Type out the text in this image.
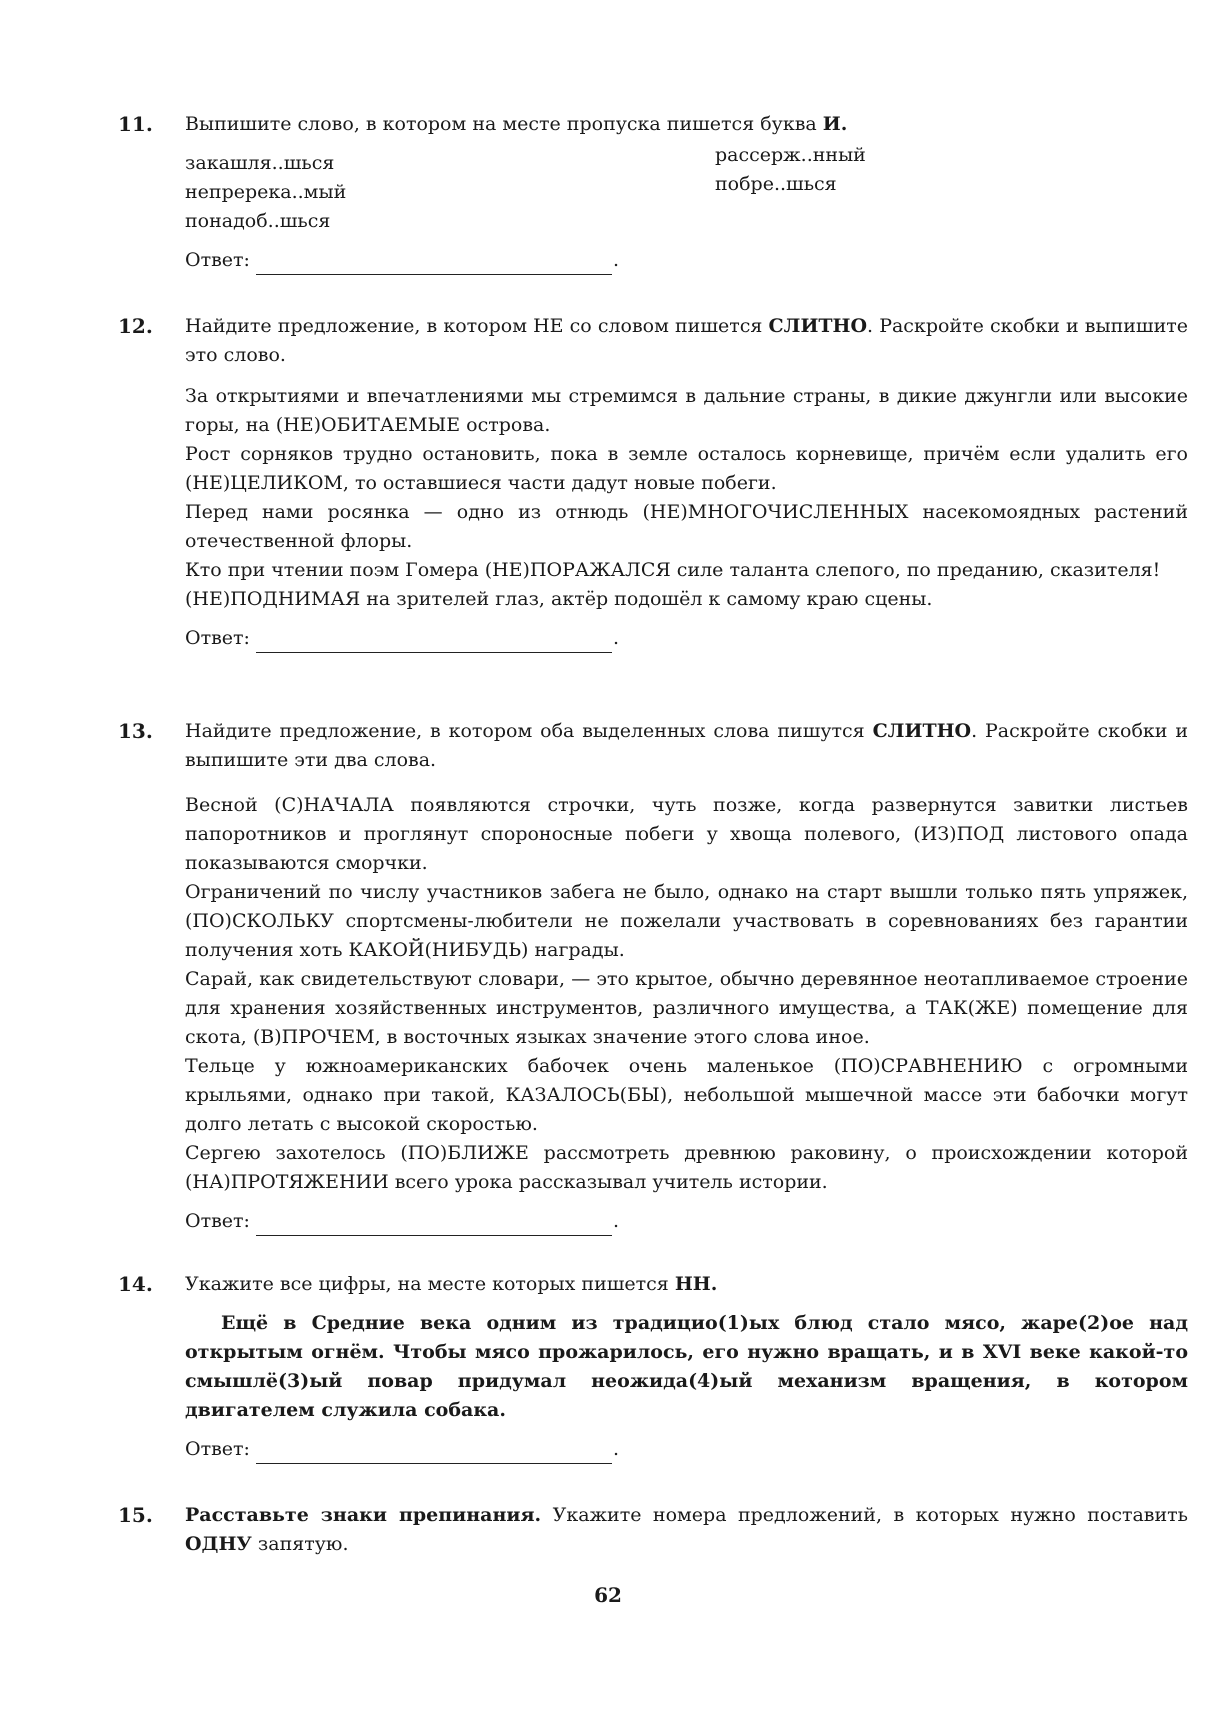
11. Выпишите слово, в котором на месте пропуска пишется буква И.

закашля..шься
непререка..мый
понадоб..шься
рассерж..нный
побре..шься
Ответ:	.
12. Найдите предложение, в котором НЕ со словом пишется СЛИТНО. Раскройте скобки и выпишите это слово.

За открытиями и впечатлениями мы стремимся в дальние страны, в дикие джунгли или высокие горы, на (НЕ)ОБИТАЕМЫЕ острова.

Рост сорняков трудно остановить, пока в земле осталось корневище, причём если удалить его (НЕ)ЦЕЛИКОМ, то оставшиеся части дадут новые побеги.

Перед нами росянка — одно из отнюдь (НЕ)МНОГОЧИСЛЕННЫХ насекомоядных растений отечественной флоры.

Кто при чтении поэм Гомера (НЕ)ПОРАЖАЛСЯ силе таланта слепого, по преданию, сказителя!

(НЕ)ПОДНИМАЯ на зрителей глаз, актёр подошёл к самому краю сцены.

Ответ:	.
13. Найдите предложение, в котором оба выделенных слова пишутся СЛИТНО. Раскройте скобки и выпишите эти два слова.

Весной (С)НАЧАЛА появляются строчки, чуть позже, когда развернутся завитки листьев папоротников и проглянут спороносные побеги у хвоща полевого, (ИЗ)ПОД листового опада показываются сморчки.

Ограничений по числу участников забега не было, однако на старт вышли только пять упряжек, (ПО)СКОЛЬКУ спортсмены-любители не пожелали участвовать в соревнованиях без гарантии получения хоть КАКОЙ(НИБУДЬ) награды.

Сарай, как свидетельствуют словари, — это крытое, обычно деревянное неотапливаемое строение для хранения хозяйственных инструментов, различного имущества, а ТАК(ЖЕ) помещение для скота, (В)ПРОЧЕМ, в восточных языках значение этого слова иное.

Тельце у южноамериканских бабочек очень маленькое (ПО)СРАВНЕНИЮ с огромными крыльями, однако при такой, КАЗАЛОСЬ(БЫ), небольшой мышечной массе эти бабочки могут долго летать с высокой скоростью.

Сергею захотелось (ПО)БЛИЖЕ рассмотреть древнюю раковину, о происхождении которой (НА)ПРОТЯЖЕНИИ всего урока рассказывал учитель истории.

Ответ:	.
14. Укажите все цифры, на месте которых пишется НН.

Ещё в Средние века одним из традицио(1)ых блюд стало мясо, жаре(2)ое над открытым огнём. Чтобы мясо прожарилось, его нужно вращать, и в XVI веке какой-то смышлё(3)ый повар придумал неожида(4)ый механизм вращения, в котором двигателем служила собака.

Ответ:	.
15. Расставьте знаки препинания. Укажите номера предложений, в которых нужно поставить ОДНУ запятую.

62
